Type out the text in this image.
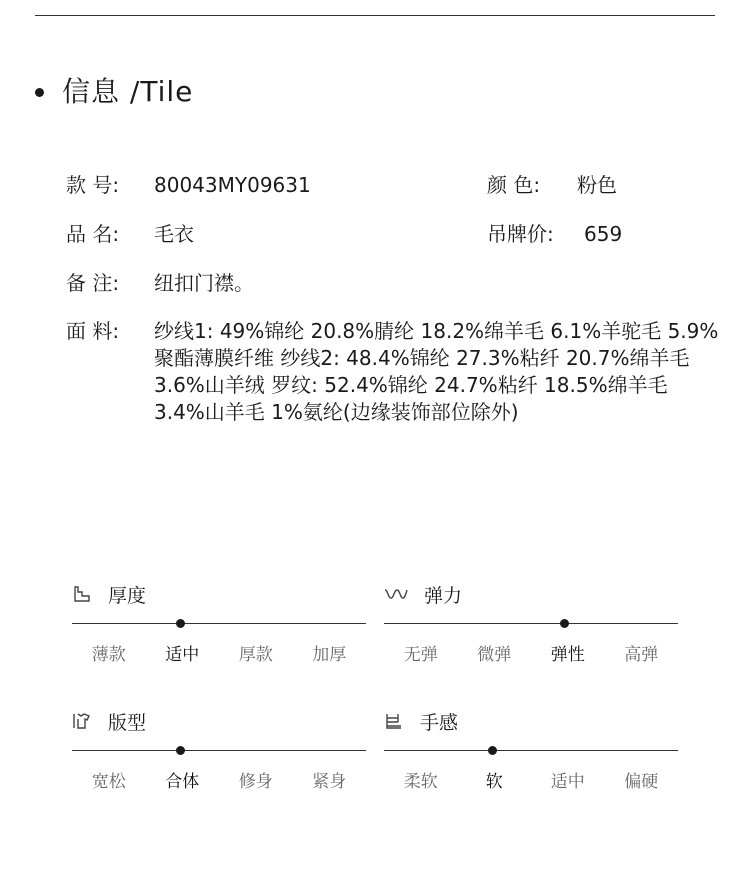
信息 /Tile
款 号:	80043MY09631	颜 色:	粉色
品 名:	毛衣	吊牌价:	659
备 注:	纽扣门襟。
面 料:	纱线1: 49%锦纶 20.8%腈纶 18.2%绵羊毛 6.1%羊驼毛 5.9%聚酯薄膜纤维 纱线2: 48.4%锦纶 27.3%粘纤 20.7%绵羊毛 3.6%山羊绒 罗纹: 52.4%锦纶 24.7%粘纤 18.5%绵羊毛 3.4%山羊毛 1%氨纶(边缘装饰部位除外)
厚度
薄款	适中	厚款	加厚
弹力
无弹	微弹	弹性	高弹
版型
宽松	合体	修身	紧身
手感
柔软	软	适中	偏硬
